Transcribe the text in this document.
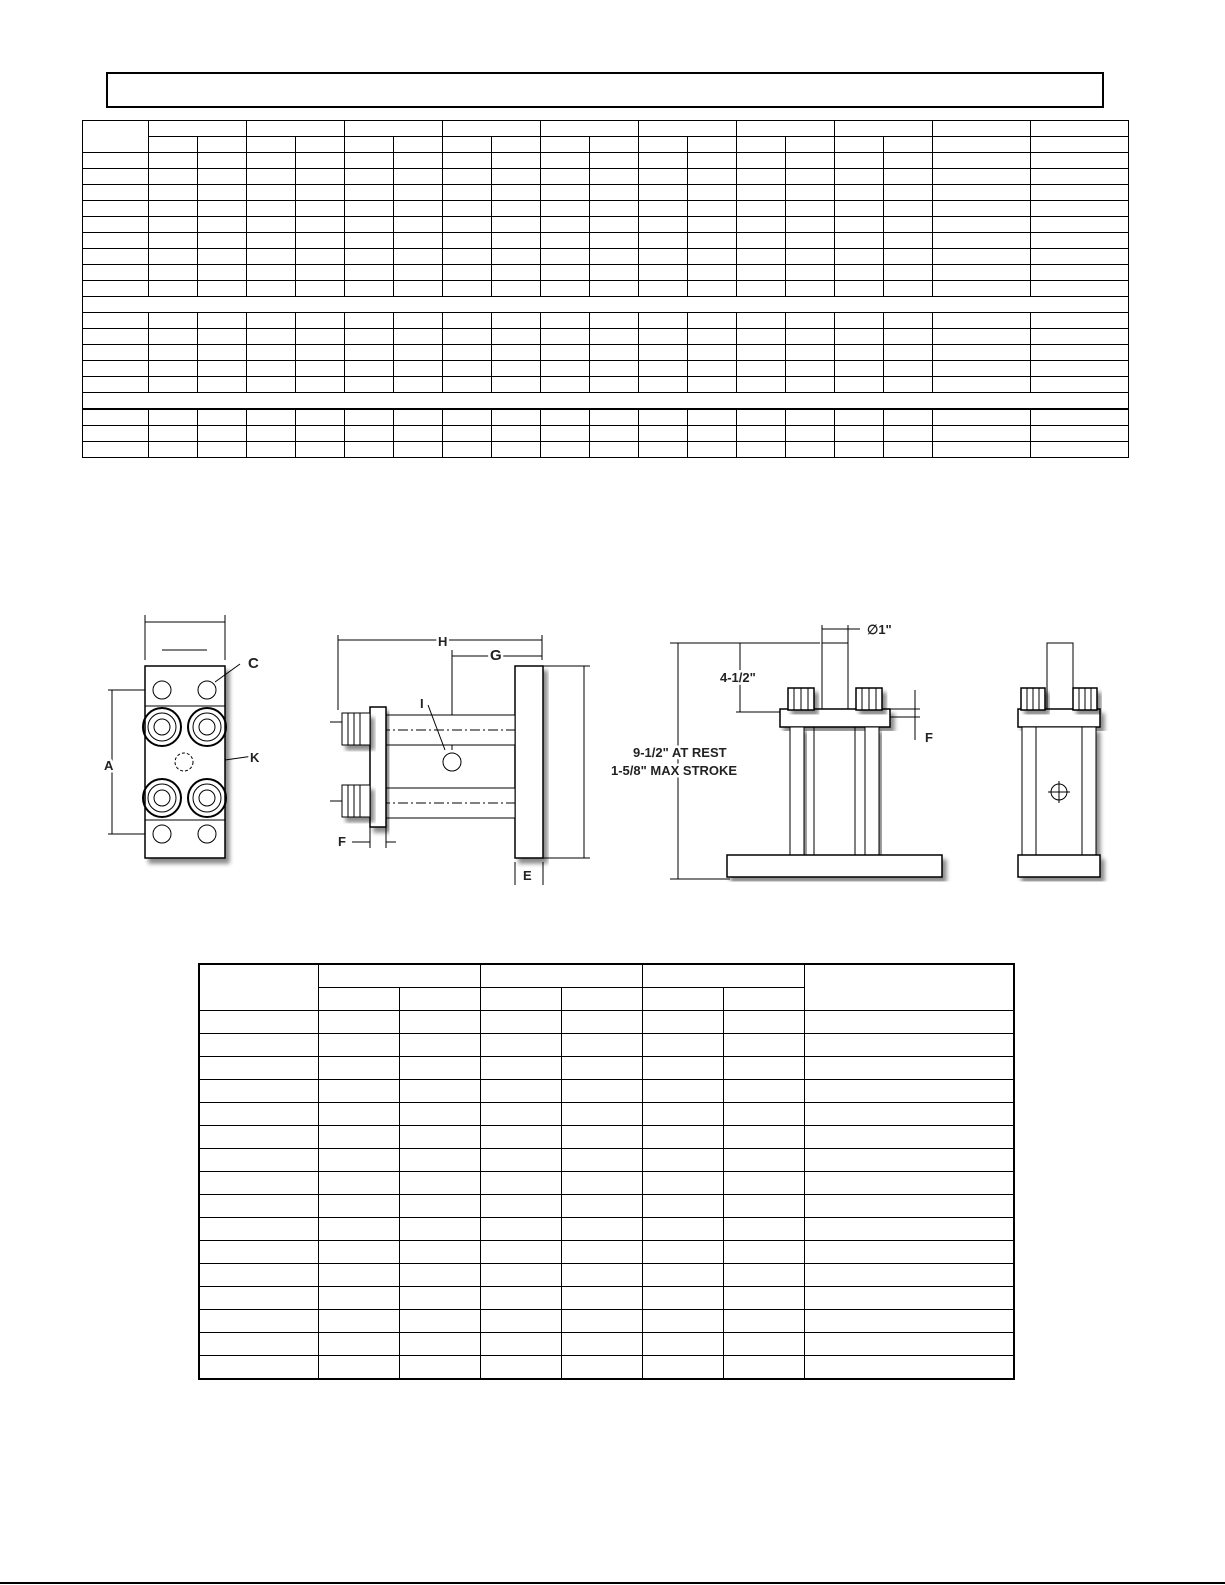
C
K
A
H
G
I
F
E
∅1"
4-1/2"
9-1/2" AT REST
1-5/8" MAX STROKE
F
